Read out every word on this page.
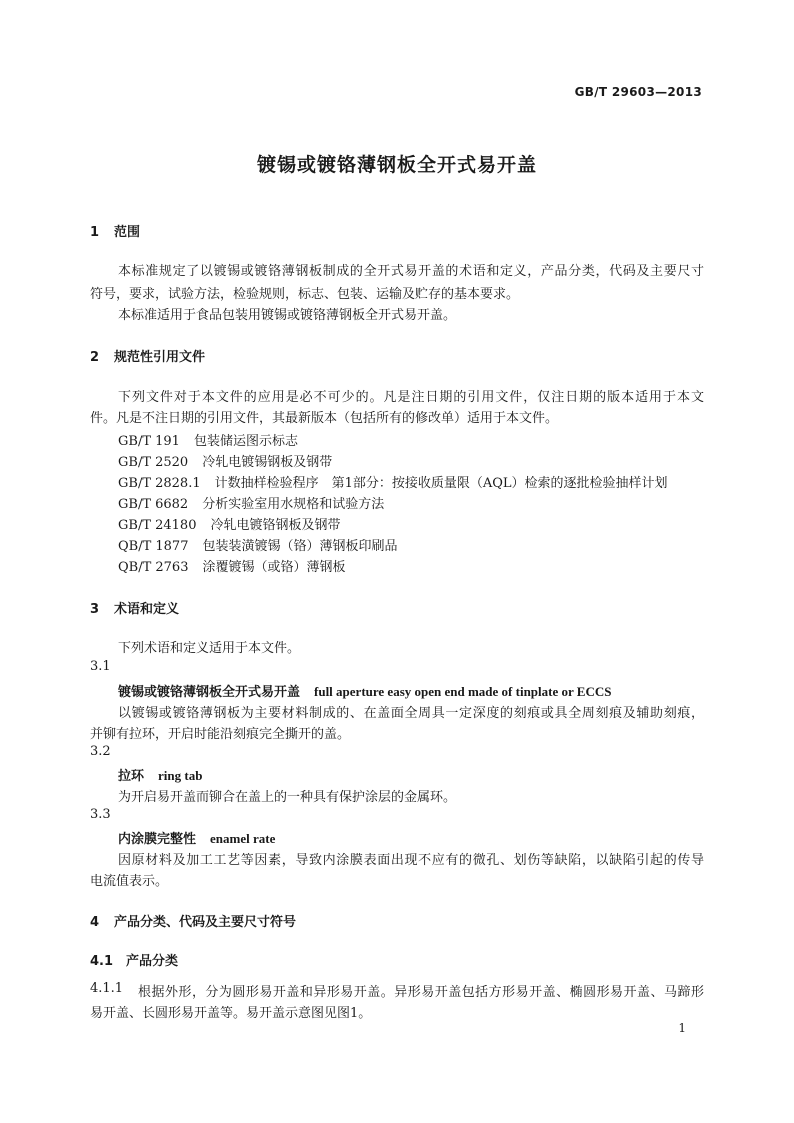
GB/T 29603—2013
镀锡或镀铬薄钢板全开式易开盖
1 范围
本标准规定了以镀锡或镀铬薄钢板制成的全开式易开盖的术语和定义，产品分类，代码及主要尺寸
符号，要求，试验方法，检验规则，标志、包装、运输及贮存的基本要求。
本标准适用于食品包装用镀锡或镀铬薄钢板全开式易开盖。
2 规范性引用文件
下列文件对于本文件的应用是必不可少的。凡是注日期的引用文件，仅注日期的版本适用于本文
件。凡是不注日期的引用文件，其最新版本（包括所有的修改单）适用于本文件。
GB/T 191 包装储运图示标志
GB/T 2520 冷轧电镀锡钢板及钢带
GB/T 2828.1 计数抽样检验程序　第1部分：按接收质量限（AQL）检索的逐批检验抽样计划
GB/T 6682 分析实验室用水规格和试验方法
GB/T 24180 冷轧电镀铬钢板及钢带
QB/T 1877 包装装潢镀锡（铬）薄钢板印刷品
QB/T 2763 涂覆镀锡（或铬）薄钢板
3 术语和定义
下列术语和定义适用于本文件。
3.1
镀锡或镀铬薄钢板全开式易开盖 full aperture easy open end made of tinplate or ECCS
以镀锡或镀铬薄钢板为主要材料制成的、在盖面全周具一定深度的刻痕或具全周刻痕及辅助刻痕，
并铆有拉环，开启时能沿刻痕完全撕开的盖。
3.2
拉环 ring tab
为开启易开盖而铆合在盖上的一种具有保护涂层的金属环。
3.3
内涂膜完整性 enamel rate
因原材料及加工工艺等因素，导致内涂膜表面出现不应有的微孔、划伤等缺陷，以缺陷引起的传导
电流值表示。
4 产品分类、代码及主要尺寸符号
4.1 产品分类
4.1.1 根据外形，分为圆形易开盖和异形易开盖。异形易开盖包括方形易开盖、椭圆形易开盖、马蹄形
易开盖、长圆形易开盖等。易开盖示意图见图1。
1
